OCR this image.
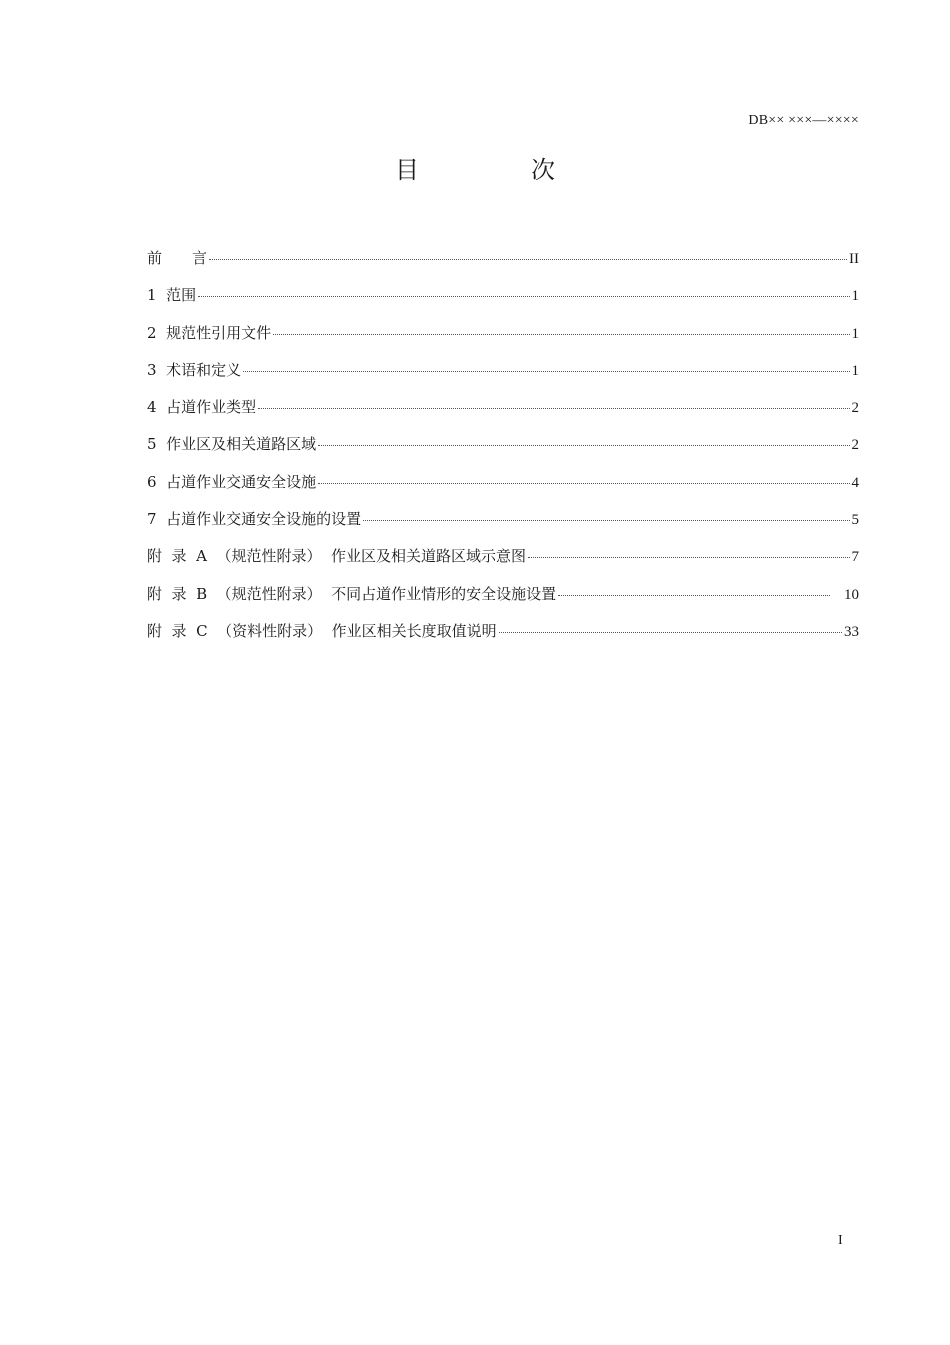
DB×× ×××—××××
目　次
前　　言	II
1  范围	1
2  规范性引用文件	1
3  术语和定义	1
4  占道作业类型	2
5  作业区及相关道路区域	2
6  占道作业交通安全设施	4
7  占道作业交通安全设施的设置	5
附  录  A  （规范性附录）  作业区及相关道路区域示意图	7
附  录  B  （规范性附录）  不同占道作业情形的安全设施设置	10
附  录  C  （资料性附录）  作业区相关长度取值说明	33
I
